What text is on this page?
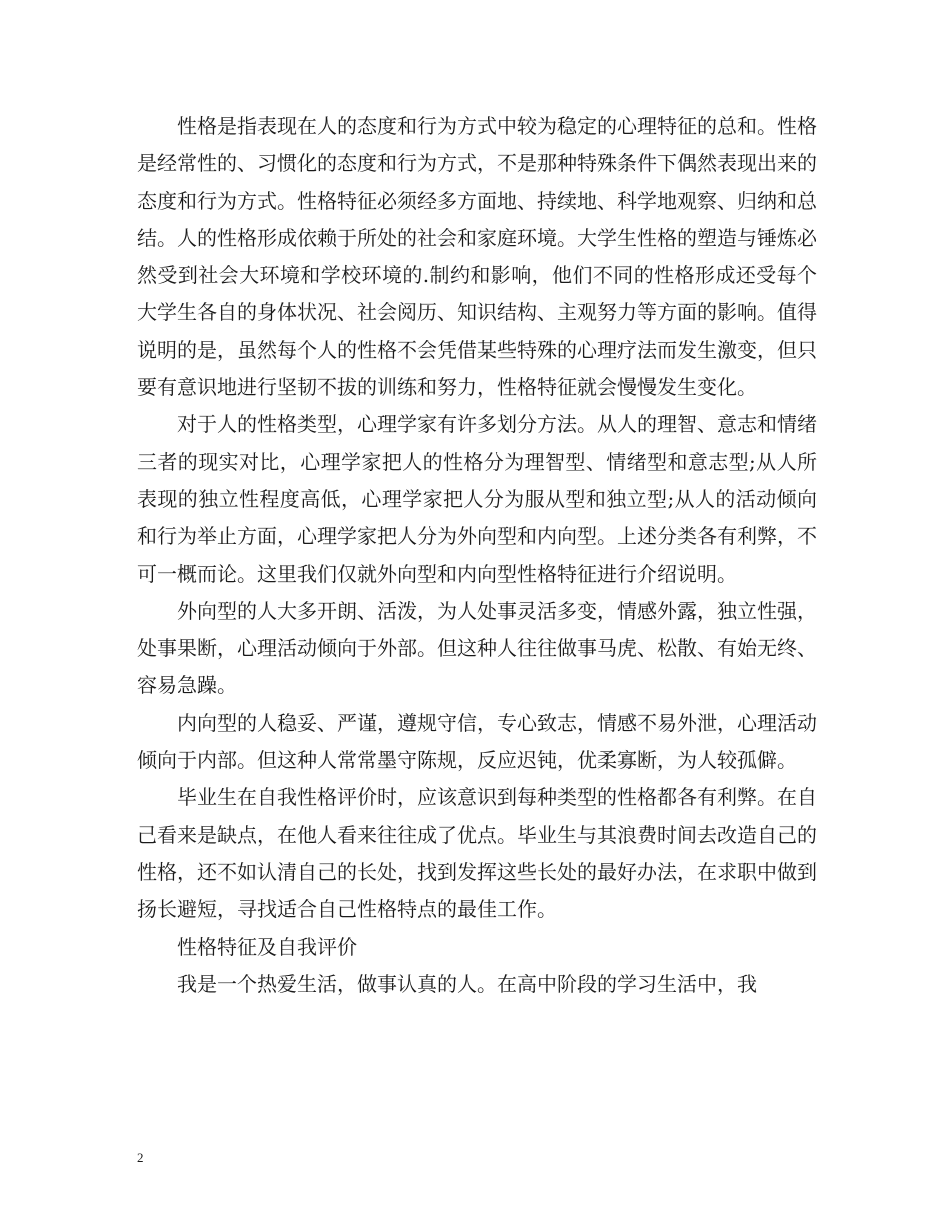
性格是指表现在人的态度和行为方式中较为稳定的心理特征的总和。性格是经常性的、习惯化的态度和行为方式，不是那种特殊条件下偶然表现出来的态度和行为方式。性格特征必须经多方面地、持续地、科学地观察、归纳和总结。人的性格形成依赖于所处的社会和家庭环境。大学生性格的塑造与锤炼必然受到社会大环境和学校环境的.制约和影响，他们不同的性格形成还受每个大学生各自的身体状况、社会阅历、知识结构、主观努力等方面的影响。值得说明的是，虽然每个人的性格不会凭借某些特殊的心理疗法而发生激变，但只要有意识地进行坚韧不拔的训练和努力，性格特征就会慢慢发生变化。

对于人的性格类型，心理学家有许多划分方法。从人的理智、意志和情绪三者的现实对比，心理学家把人的性格分为理智型、情绪型和意志型;从人所表现的独立性程度高低，心理学家把人分为服从型和独立型;从人的活动倾向和行为举止方面，心理学家把人分为外向型和内向型。上述分类各有利弊，不可一概而论。这里我们仅就外向型和内向型性格特征进行介绍说明。

外向型的人大多开朗、活泼，为人处事灵活多变，情感外露，独立性强，处事果断，心理活动倾向于外部。但这种人往往做事马虎、松散、有始无终、容易急躁。

内向型的人稳妥、严谨，遵规守信，专心致志，情感不易外泄，心理活动倾向于内部。但这种人常常墨守陈规，反应迟钝，优柔寡断，为人较孤僻。

毕业生在自我性格评价时，应该意识到每种类型的性格都各有利弊。在自己看来是缺点，在他人看来往往成了优点。毕业生与其浪费时间去改造自己的性格，还不如认清自己的长处，找到发挥这些长处的最好办法，在求职中做到扬长避短，寻找适合自己性格特点的最佳工作。

性格特征及自我评价

我是一个热爱生活，做事认真的人。在高中阶段的学习生活中，我

2
